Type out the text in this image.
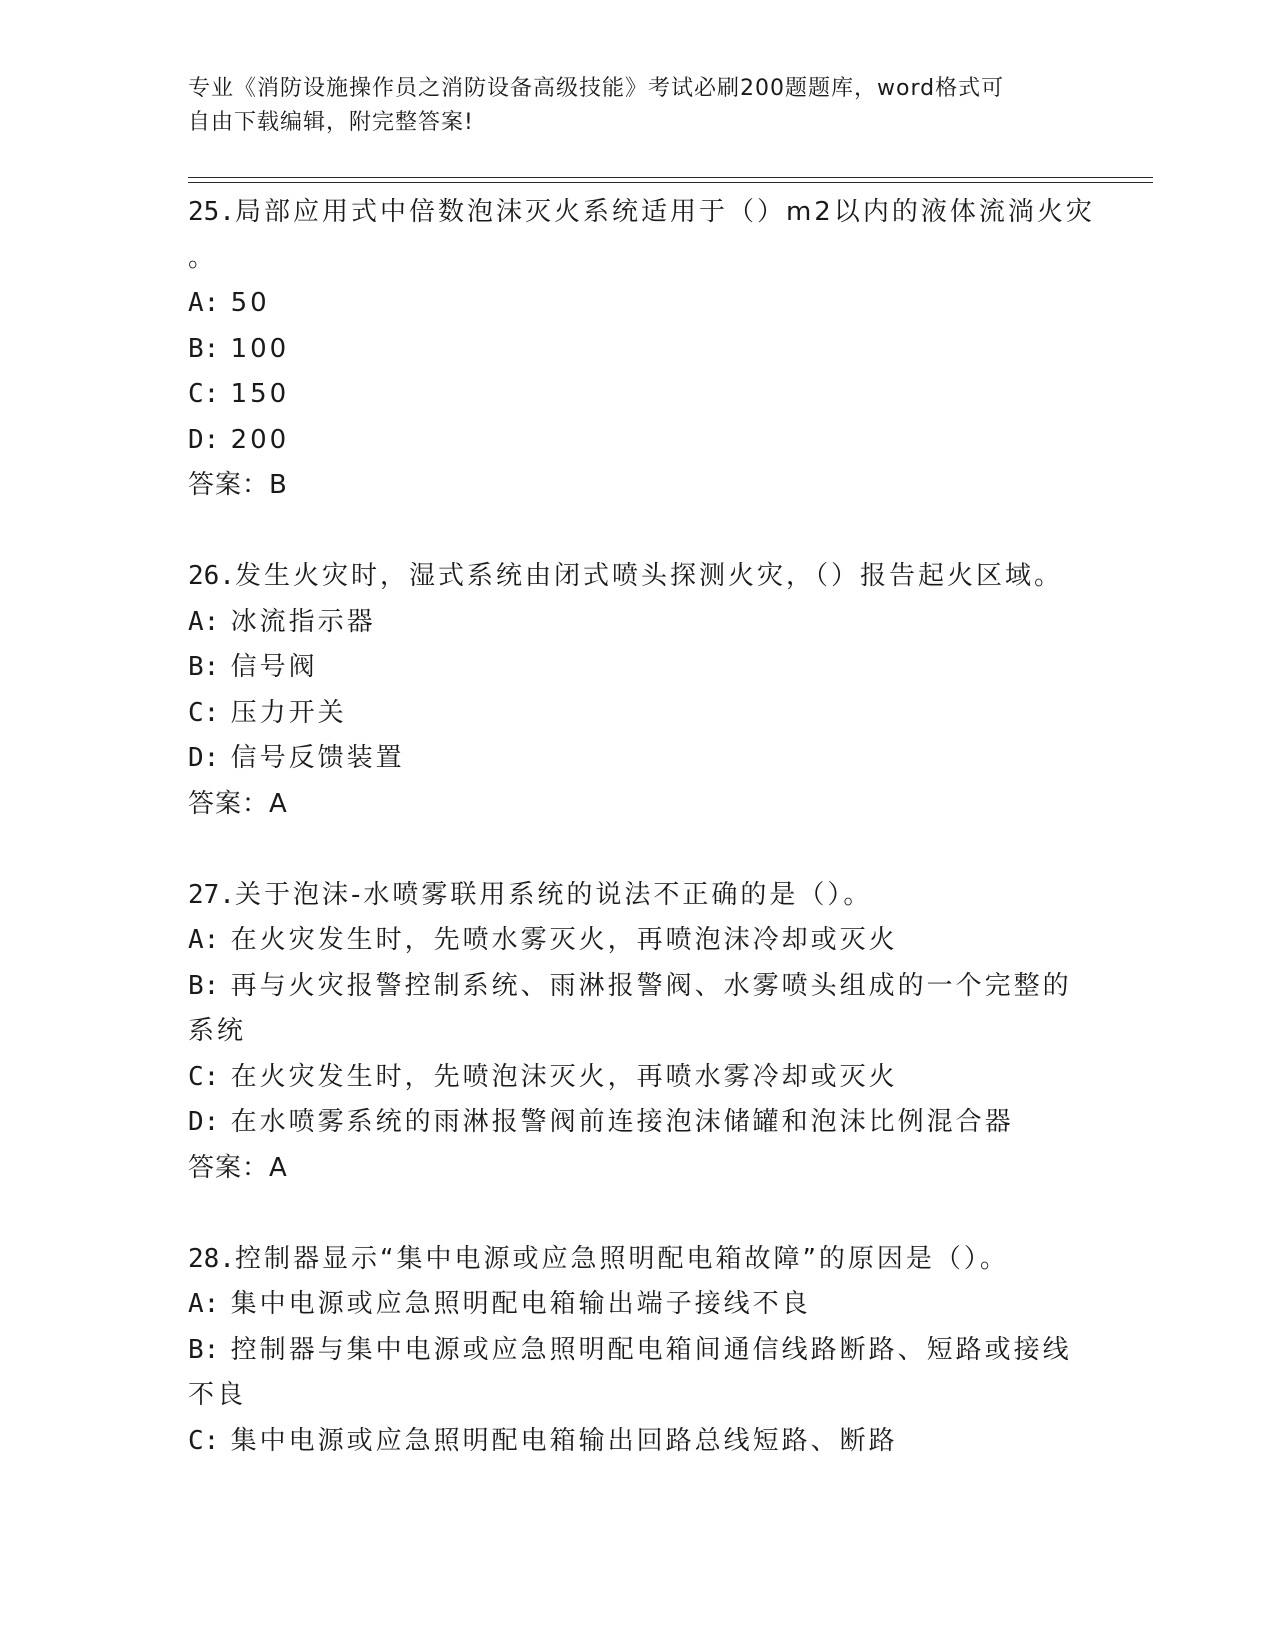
专业《消防设施操作员之消防设备高级技能》考试必刷200题题库，word格式可
自由下载编辑，附完整答案!
25.局部应用式中倍数泡沫灭火系统适用于（）m2以内的液体流淌火灾
。
A: 50
B: 100
C: 150
D: 200
答案：B
26.发生火灾时，湿式系统由闭式喷头探测火灾，（）报告起火区域。
A: 冰流指示器
B: 信号阀
C: 压力开关
D: 信号反馈装置
答案：A
27.关于泡沫-水喷雾联用系统的说法不正确的是（）。
A: 在火灾发生时，先喷水雾灭火，再喷泡沫冷却或灭火
B: 再与火灾报警控制系统、雨淋报警阀、水雾喷头组成的一个完整的
系统
C: 在火灾发生时，先喷泡沫灭火，再喷水雾冷却或灭火
D: 在水喷雾系统的雨淋报警阀前连接泡沫储罐和泡沫比例混合器
答案：A
28.控制器显示“集中电源或应急照明配电箱故障”的原因是（）。
A: 集中电源或应急照明配电箱输出端子接线不良
B: 控制器与集中电源或应急照明配电箱间通信线路断路、短路或接线
不良
C: 集中电源或应急照明配电箱输出回路总线短路、断路
